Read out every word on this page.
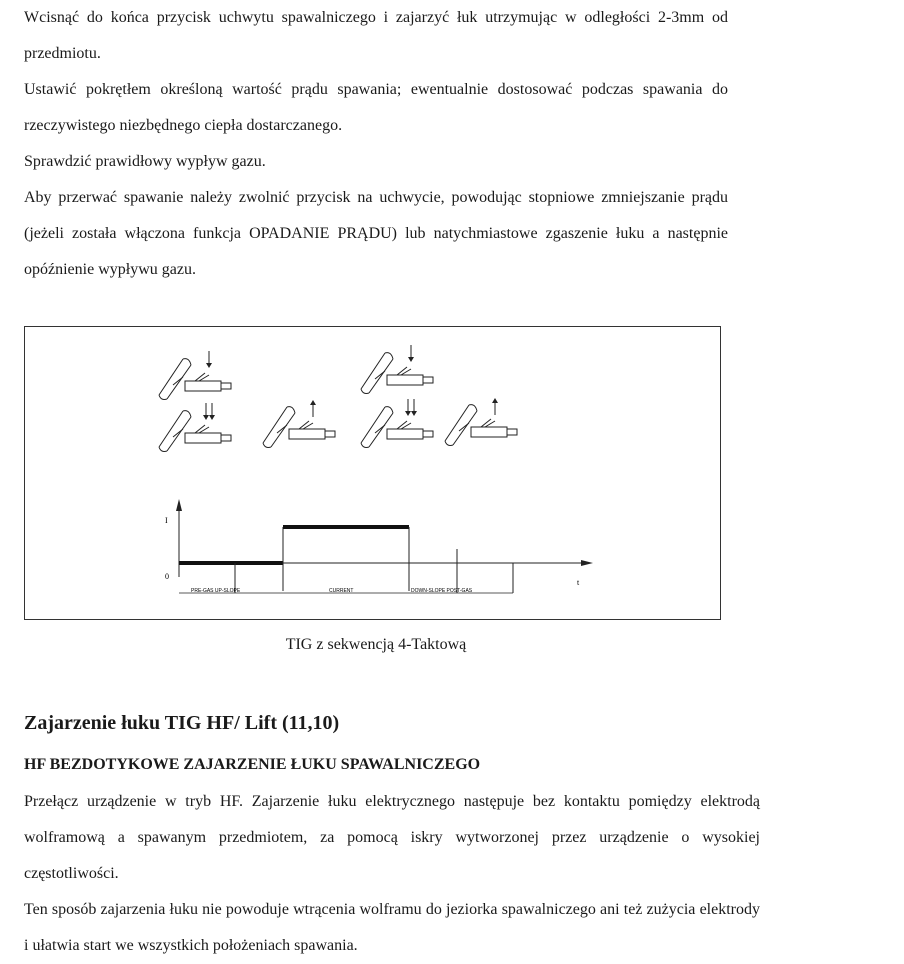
Wcisnąć do końca przycisk uchwytu spawalniczego i zajarzyć łuk utrzymując w odległości 2-3mm od przedmiotu.

Ustawić pokrętłem określoną wartość prądu spawania; ewentualnie dostosować podczas spawania do rzeczywistego niezbędnego ciepła dostarczanego.

Sprawdzić prawidłowy wypływ gazu.

Aby przerwać spawanie należy zwolnić przycisk na uchwycie, powodując stopniowe zmniejszanie prądu (jeżeli została włączona funkcja OPADANIE PRĄDU) lub natychmiastowe zgaszenie łuku a następnie opóźnienie wypływu gazu.

I
0
t
PRE-GAS UP-SLOPE	CURRENT	DOWN-SLOPE POST-GAS
TIG z sekwencją 4-Taktową
Zajarzenie łuku TIG HF/ Lift (11,10)
HF BEZDOTYKOWE ZAJARZENIE ŁUKU SPAWALNICZEGO

Przełącz urządzenie w tryb HF. Zajarzenie łuku elektrycznego następuje bez kontaktu pomiędzy elektrodą wolframową a spawanym przedmiotem, za pomocą iskry wytworzonej przez urządzenie o wysokiej częstotliwości.

Ten sposób zajarzenia łuku nie powoduje wtrącenia wolframu do jeziorka spawalniczego ani też zużycia elektrody i ułatwia start we wszystkich położeniach spawania.
